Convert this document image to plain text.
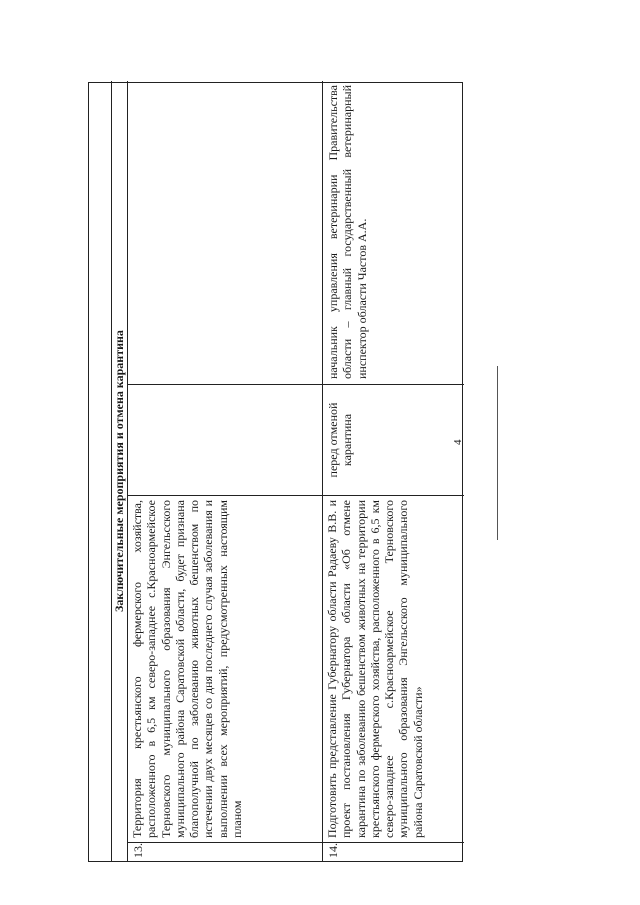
4
Заключительные мероприятия и отмена карантина
13.
Территория крестьянского фермерского хозяйства, расположенного в 6,5 км северо-западнее с.Красноармейское Терновского муниципального образования Энгельсского муниципального района Саратовской области, будет признана благополучной по заболеванию животных бешенством по истечении двух месяцев со дня последнего случая заболевания и выполнении всех мероприятий, предусмотренных настоящим планом
14.
Подготовить представление Губернатору области Радаеву В.В. и проект постановления Губернатора области «Об отмене карантина по заболеванию бешенством животных на территории крестьянского фермерского хозяйства, расположенного в 6,5 км северо-западнее с.Красноармейское Терновского муниципального образования Энгельсского муниципального района Саратовской области»
перед отменой карантина
начальник управления ветеринарии Правительства области – главный государственный ветеринарный инспектор области Частов А.А.
